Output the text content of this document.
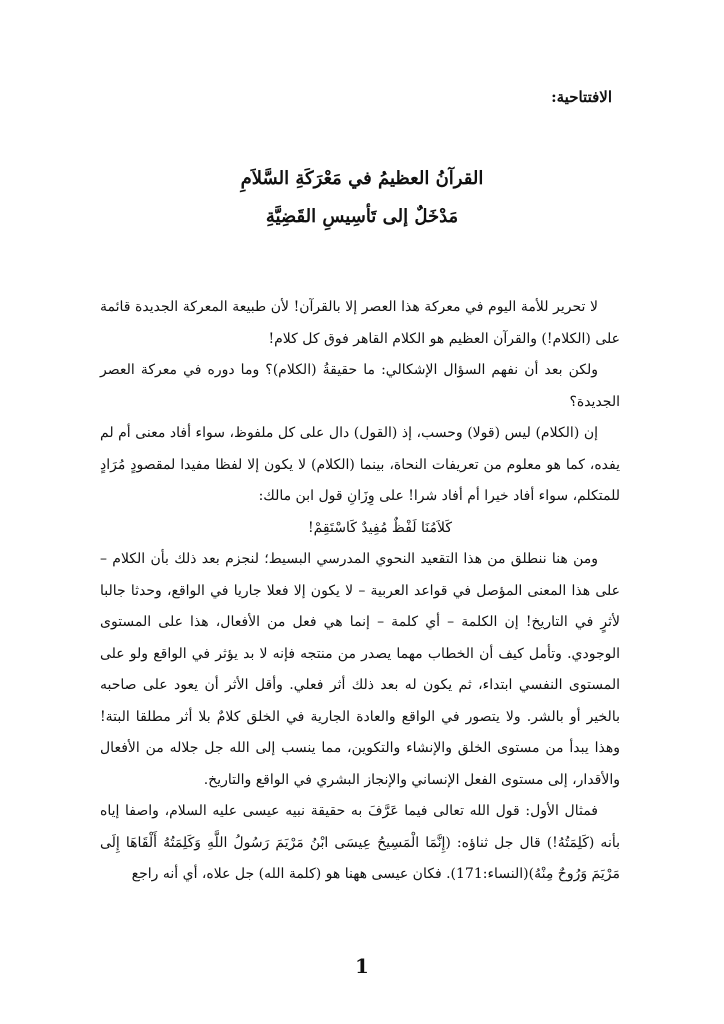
الافتتاحية:

القرآنُ العظيمُ في مَعْرَكَةِ السَّلاَمِ

مَدْخَلٌ إلى تَأسِيسِ القَضِيَّةِ

لا تحرير للأمة اليوم في معركة هذا العصر إلا بالقرآن! لأن طبيعة المعركة الجديدة قائمة على (الكلام!) والقرآن العظيم هو الكلام القاهر فوق كل كلام!

ولكن بعد أن نفهم السؤال الإشكالي: ما حقيقةُ (الكلام)؟ وما دوره في معركة العصر الجديدة؟

إن (الكلام) ليس (قولا) وحسب، إذ (القول) دال على كل ملفوظ، سواء أفاد معنى أم لم يفده، كما هو معلوم من تعريفات النحاة، بينما (الكلام) لا يكون إلا لفظا مفيدا لمقصودٍ مُرَادٍ للمتكلم، سواء أفاد خيرا أم أفاد شرا! على وِزَانِ قول ابن مالك:

كَلاَمُنَا لَفْظٌ مُفِيدٌ كَاسْتَقِمْ!

ومن هنا ننطلق من هذا التقعيد النحوي المدرسي البسيط؛ لنجزم بعد ذلك بأن الكلام – على هذا المعنى المؤصل في قواعد العربية – لا يكون إلا فعلا جاريا في الواقع، وحدثا جالبا لأثرٍ في التاريخ! إن الكلمة – أي كلمة – إنما هي فعل من الأفعال، هذا على المستوى الوجودي. وتأمل كيف أن الخطاب مهما يصدر من منتجه فإنه لا بد يؤثر في الواقع ولو على المستوى النفسي ابتداء، ثم يكون له بعد ذلك أثر فعلي. وأقل الأثر أن يعود على صاحبه بالخير أو بالشر. ولا يتصور في الواقع والعادة الجارية في الخلق كلامٌ بلا أثر مطلقا البتة! وهذا يبدأ من مستوى الخلق والإنشاء والتكوين، مما ينسب إلى الله جل جلاله من الأفعال والأقدار، إلى مستوى الفعل الإنساني والإنجاز البشري في الواقع والتاريخ.

فمثال الأول: قول الله تعالى فيما عَرَّفَ به حقيقة نبيه عيسى عليه السلام، واصفا إياه بأنه (كَلِمَتُهُ!) قال جل ثناؤه: (إِنَّمَا الْمَسِيحُ عِيسَى ابْنُ مَرْيَمَ رَسُولُ اللَّهِ وَكَلِمَتُهُ أَلْقَاهَا إِلَى مَرْيَمَ وَرُوحٌ مِنْهُ)(النساء:171). فكان عيسى ههنا هو (كلمة الله) جل علاه، أي أنه راجع

1
